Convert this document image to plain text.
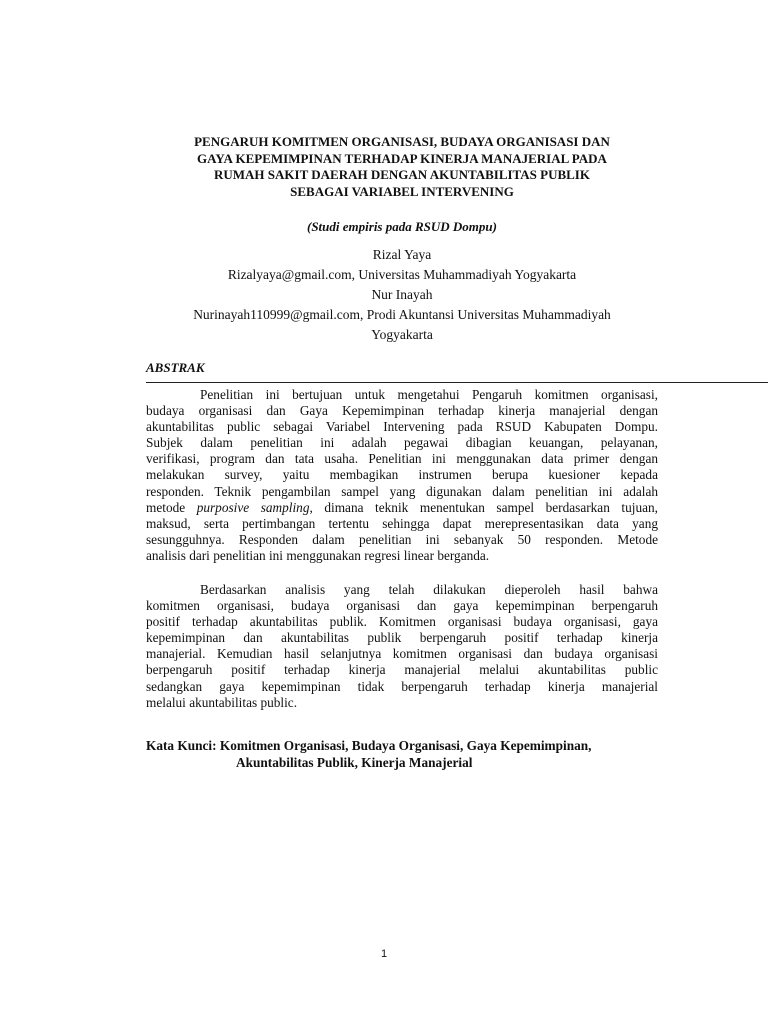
PENGARUH KOMITMEN ORGANISASI, BUDAYA ORGANISASI DAN
GAYA KEPEMIMPINAN TERHADAP KINERJA MANAJERIAL PADA
RUMAH SAKIT DAERAH DENGAN AKUNTABILITAS PUBLIK
SEBAGAI VARIABEL INTERVENING
(Studi empiris pada RSUD Dompu)
Rizal Yaya
Rizalyaya@gmail.com, Universitas Muhammadiyah Yogyakarta
Nur Inayah
Nurinayah110999@gmail.com, Prodi Akuntansi Universitas Muhammadiyah
Yogyakarta
ABSTRAK
Penelitian ini bertujuan untuk mengetahui Pengaruh komitmen organisasi,
budaya organisasi dan Gaya Kepemimpinan terhadap kinerja manajerial dengan
akuntabilitas public sebagai Variabel Intervening pada RSUD Kabupaten Dompu.
Subjek dalam penelitian ini adalah pegawai dibagian keuangan, pelayanan,
verifikasi, program dan tata usaha. Penelitian ini menggunakan data primer dengan
melakukan survey, yaitu membagikan instrumen berupa kuesioner kepada
responden. Teknik pengambilan sampel yang digunakan dalam penelitian ini adalah
metode purposive sampling, dimana teknik menentukan sampel berdasarkan tujuan,
maksud, serta pertimbangan tertentu sehingga dapat merepresentasikan data yang
sesungguhnya. Responden dalam penelitian ini sebanyak 50 responden. Metode
analisis dari penelitian ini menggunakan regresi linear berganda.
Berdasarkan analisis yang telah dilakukan dieperoleh hasil bahwa
komitmen organisasi, budaya organisasi dan gaya kepemimpinan berpengaruh
positif terhadap akuntabilitas publik. Komitmen organisasi budaya organisasi, gaya
kepemimpinan dan akuntabilitas publik berpengaruh positif terhadap kinerja
manajerial. Kemudian hasil selanjutnya komitmen organisasi dan budaya organisasi
berpengaruh positif terhadap kinerja manajerial melalui akuntabilitas public
sedangkan gaya kepemimpinan tidak berpengaruh terhadap kinerja manajerial
melalui akuntabilitas public.
Kata Kunci: Komitmen Organisasi, Budaya Organisasi, Gaya Kepemimpinan,
Akuntabilitas Publik, Kinerja Manajerial
1
